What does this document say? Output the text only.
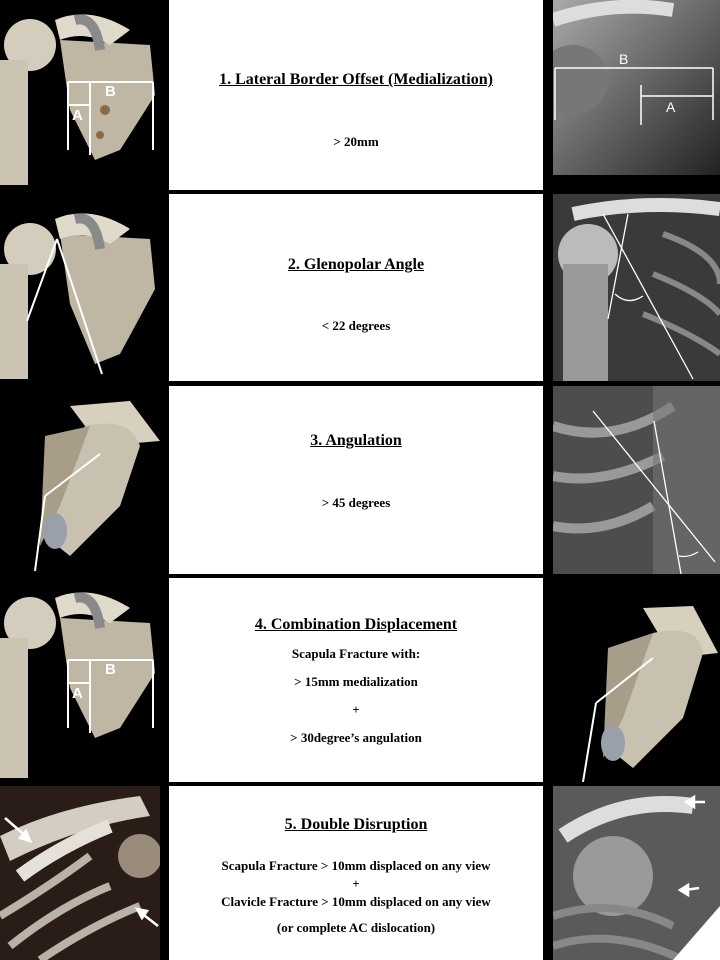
B
A
1. Lateral Border Offset (Medialization)
> 20mm
B
A
2. Glenopolar Angle
< 22 degrees
3. Angulation
> 45 degrees
B
A
4. Combination Displacement
Scapula Fracture with:
> 15mm medialization
+
> 30degree’s angulation
5. Double Disruption
Scapula Fracture > 10mm displaced on any view
+
Clavicle Fracture > 10mm displaced on any view
(or complete AC dislocation)
